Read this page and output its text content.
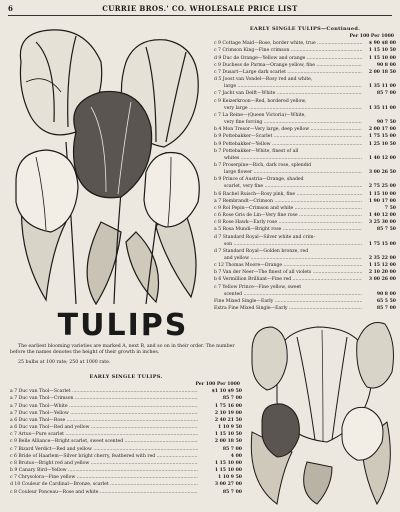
6	CURRIE BROS.' CO. WHOLESALE PRICE LIST
EARLY SINGLE TULIPS—Continued.
Per 100 Per 1000
c 9 Cottage Maid—Rose, border white, true .....	$ 90 $8 00
c 7 Crimson King—Fine crimson .....	1 15 10 50
d 9 Duc de Orange—Yellow and orange .....	1 15 10 00
c 9 Duchess de Parma—Orange yellow, fine .....	90 8 00
c 7 Dusart—Large dark scarlet .....	2 00 18 50
d 5 Joost van Vondel—Rosy red and white,
large .....	1 35 11 00
c 7 Jacht van Delft—White .....	85 7 00
c 9 Keizerkroon—Red, bordered yellow,
very large .....	1 35 11 00
c 7 La Reine—(Queen Victoria)—White,
very fine forcing .....	90 7 50
b 4 Mon Tresor—Very large, deep yellow .....	2 00 17 00
b 9 Pottebakker—Scarlet .....	1 75 15 00
b 9 Pottebakker—Yellow .....	1 25 10 50
b 7 Pottebakker—White, finest of all
whites .....	1 40 12 00
b 7 Proserpine—Rich, dark rose, splendid
large flower .....	3 00 26 50
b 9 Prince of Austria—Orange, shaded
scarlet, very fine .....	2 75 25 00
b 6 Rachel Ruisch—Rosy pink, fine .....	1 15 10 00
a 7 Rembrandt—Crimson .....	1 90 17 00
c 9 Rol Pepin—Crimson and white .....	7 50
c 6 Rose Gris de Lin—Very fine rose .....	1 40 12 00
c 8 Rose Hawk—Early rose .....	3 25 30 00
a 5 Rosa Mundi—Bright rose .....	85 7 50
d 7 Standard Royal—Silver white and crim-
son .....	1 75 15 00
d 7 Standard Royal—Golden bronze, red
and yellow .....	2 35 22 00
c 12 Thomas Moore—Orange .....	1 15 12 00
b 7 Van der Neer—The finest of all violets .....	2 10 20 00
b 6 Vermillion Brilliant—Fine red .....	3 00 26 00
c 7 Yellow Prince—Fine yellow, sweet
scented .....	90 8 00
Fine Mixed Single—Early .....	65 5 50
Extra Fine Mixed Single—Early .....	85 7 00
TULIPS

The earliest blooming varieties are marked A, next B, and so on in their order. The number before the names denotes the height of their growth in inches.

25 bulbs at 100 rate; 250 at 1000 rate.

EARLY SINGLE TULIPS.
Per 100 Per 1000
a 7 Duc van Thol—Scarlet .....	$1 10 $9 50
a 7 Duc van Thol—Crimson .....	85 7 00
a 7 Duc van Thol—White .....	1 75 16 00
a 7 Duc van Thol—Yellow .....	2 10 19 00
a 6 Duc van Thol—Rose .....	2 40 21 50
a 6 Duc van Thol—Red and yellow .....	1 10 9 50
c 7 Artus—Pure scarlet .....	1 15 10 50
c 9 Belle Alliance—Bright scarlet, sweet scented .....	2 00 18 50
c 7 Bizard Verdict—Red and yellow .....	85 7 00
c 6 Bride of Haarlem—Silver bright cherry, feathered with red .....	4 00
c 8 Brutus—Bright red and yellow .....	1 15 10 00
b 9 Canary Bird—Yellow .....	1 15 10 00
c 7 Chrysolora—Fine yellow .....	1 10 9 50
d 10 Couleur de Cardinal—Bronze, scarlet .....	3 00 27 00
c 8 Couleur Ponceau—Rose and white .....	85 7 00
